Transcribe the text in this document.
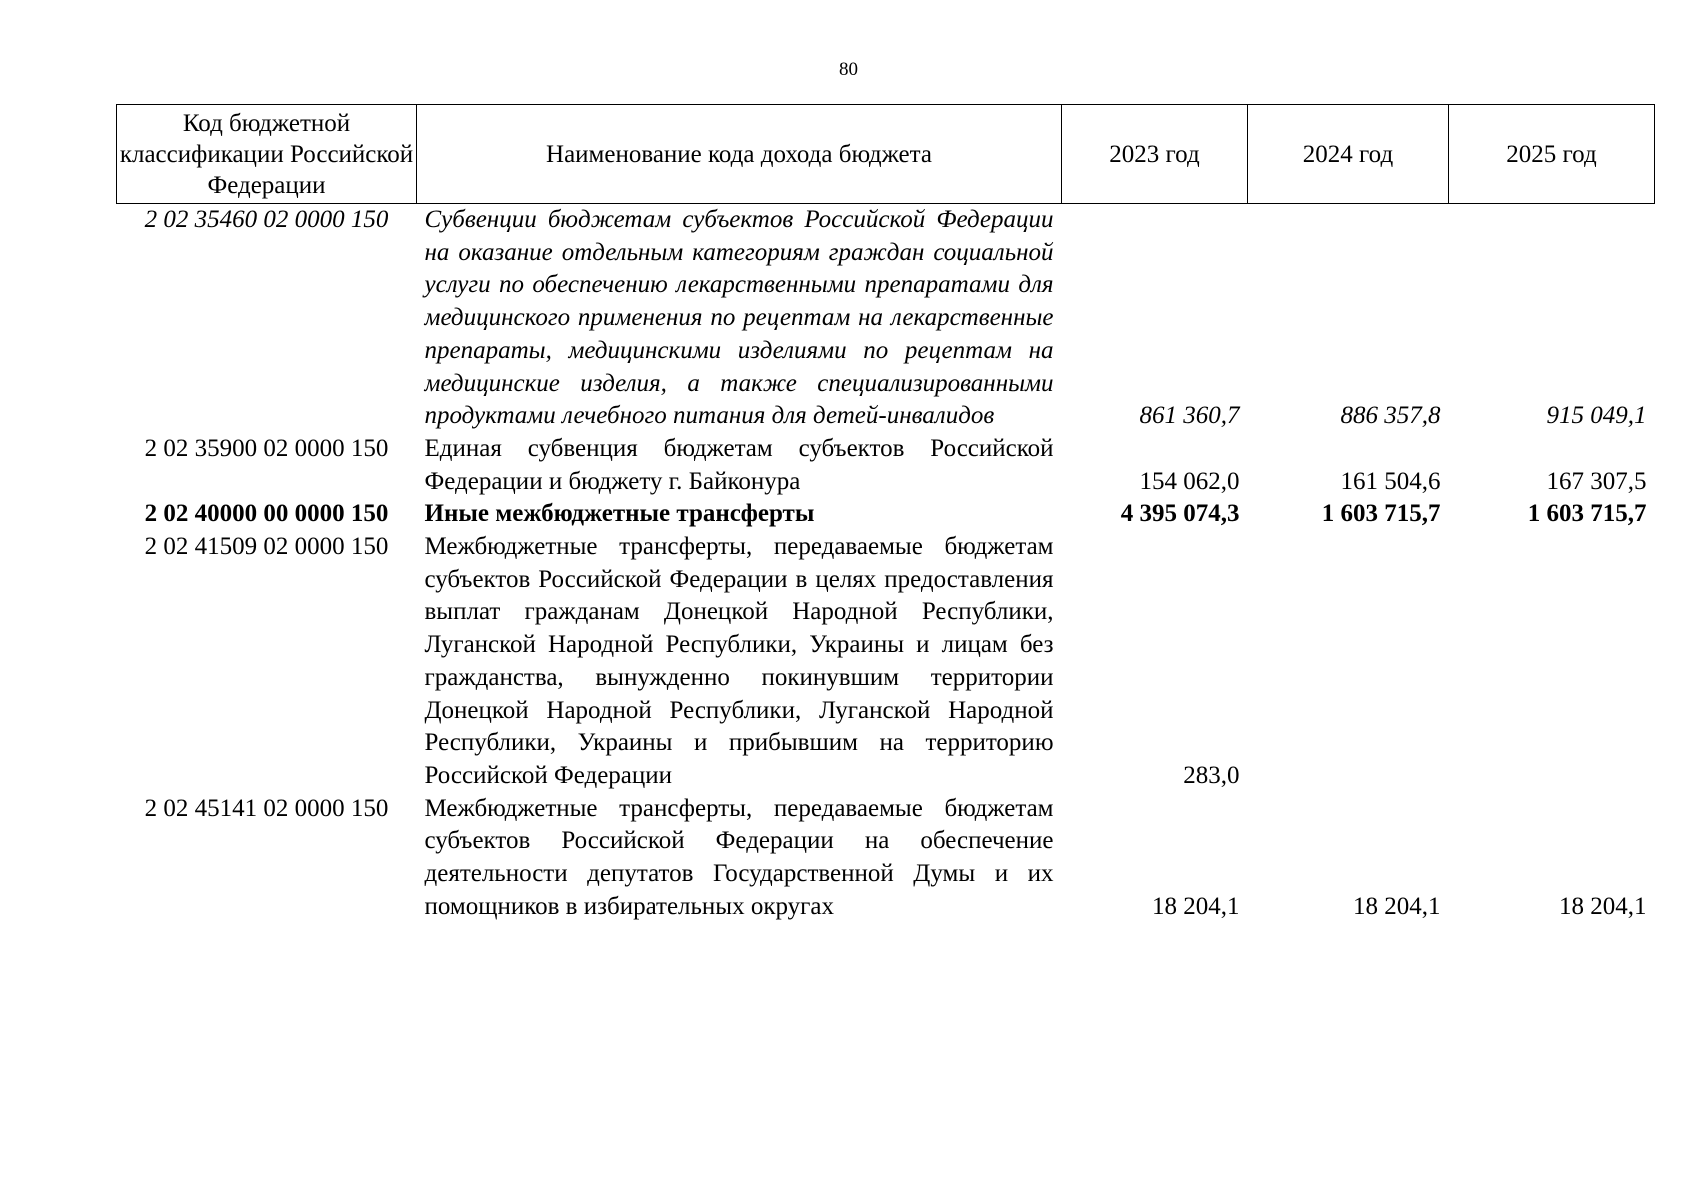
80
Код бюджетной классификации Российской Федерации	Наименование кода дохода бюджета	2023 год	2024 год	2025 год
2 02 35460 02 0000 150	Субвенции бюджетам субъектов Российской Федерации на оказание отдельным категориям граждан социальной услуги по обеспечению лекарственными препаратами для медицинского применения по рецептам на лекарственные препараты, медицинскими изделиями по рецептам на медицинские изделия, а также специализированными продуктами лечебного питания для детей-инвалидов	861 360,7	886 357,8	915 049,1
2 02 35900 02 0000 150	Единая субвенция бюджетам субъектов Российской Федерации и бюджету г. Байконура	154 062,0	161 504,6	167 307,5
2 02 40000 00 0000 150	Иные межбюджетные трансферты	4 395 074,3	1 603 715,7	1 603 715,7
2 02 41509 02 0000 150	Межбюджетные трансферты, передаваемые бюджетам субъектов Российской Федерации в целях предоставления выплат гражданам Донецкой Народной Республики, Луганской Народной Республики, Украины и лицам без гражданства, вынужденно покинувшим территории Донецкой Народной Республики, Луганской Народной Республики, Украины и прибывшим на территорию Российской Федерации	283,0		
2 02 45141 02 0000 150	Межбюджетные трансферты, передаваемые бюджетам субъектов Российской Федерации на обеспечение деятельности депутатов Государственной Думы и их помощников в избирательных округах	18 204,1	18 204,1	18 204,1
